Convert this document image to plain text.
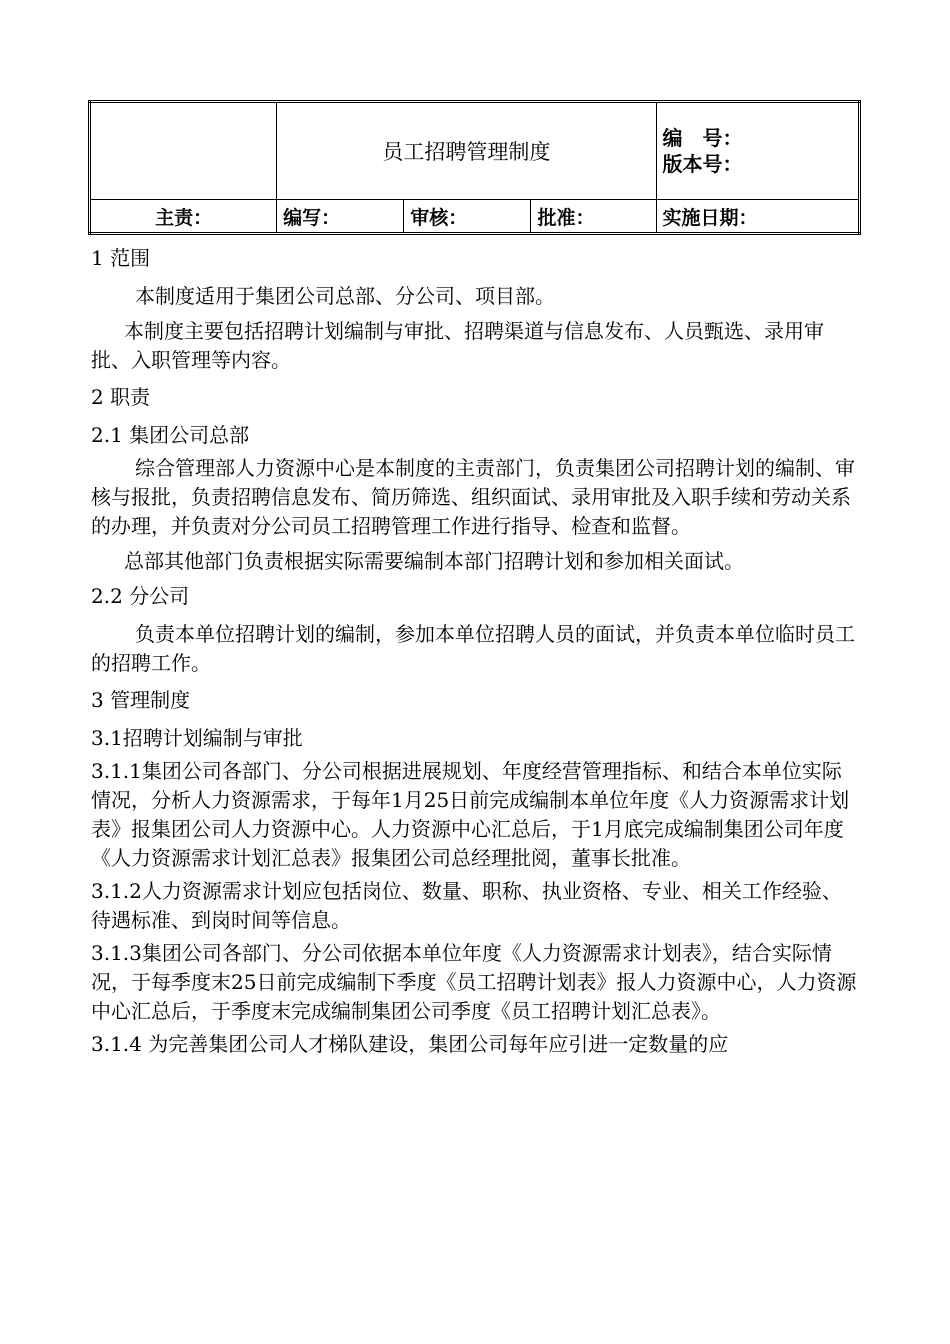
	员工招聘管理制度			编　号：
版本号：

主责：	编写：	审核：	批准：	实施日期：

1 范围

本制度适用于集团公司总部、分公司、项目部。

本制度主要包括招聘计划编制与审批、招聘渠道与信息发布、人员甄选、录用审批、入职管理等内容。

2 职责

2.1 集团公司总部

综合管理部人力资源中心是本制度的主责部门，负责集团公司招聘计划的编制、审核与报批，负责招聘信息发布、简历筛选、组织面试、录用审批及入职手续和劳动关系的办理，并负责对分公司员工招聘管理工作进行指导、检查和监督。

总部其他部门负责根据实际需要编制本部门招聘计划和参加相关面试。

2.2 分公司

负责本单位招聘计划的编制，参加本单位招聘人员的面试，并负责本单位临时员工的招聘工作。

3 管理制度

3.1招聘计划编制与审批

3.1.1集团公司各部门、分公司根据进展规划、年度经营管理指标、和结合本单位实际情况，分析人力资源需求，于每年1月25日前完成编制本单位年度《人力资源需求计划表》报集团公司人力资源中心。人力资源中心汇总后，于1月底完成编制集团公司年度《人力资源需求计划汇总表》报集团公司总经理批阅，董事长批准。

3.1.2人力资源需求计划应包括岗位、数量、职称、执业资格、专业、相关工作经验、待遇标准、到岗时间等信息。

3.1.3集团公司各部门、分公司依据本单位年度《人力资源需求计划表》，结合实际情况，于每季度末25日前完成编制下季度《员工招聘计划表》报人力资源中心，人力资源中心汇总后，于季度末完成编制集团公司季度《员工招聘计划汇总表》。

3.1.4 为完善集团公司人才梯队建设，集团公司每年应引进一定数量的应
